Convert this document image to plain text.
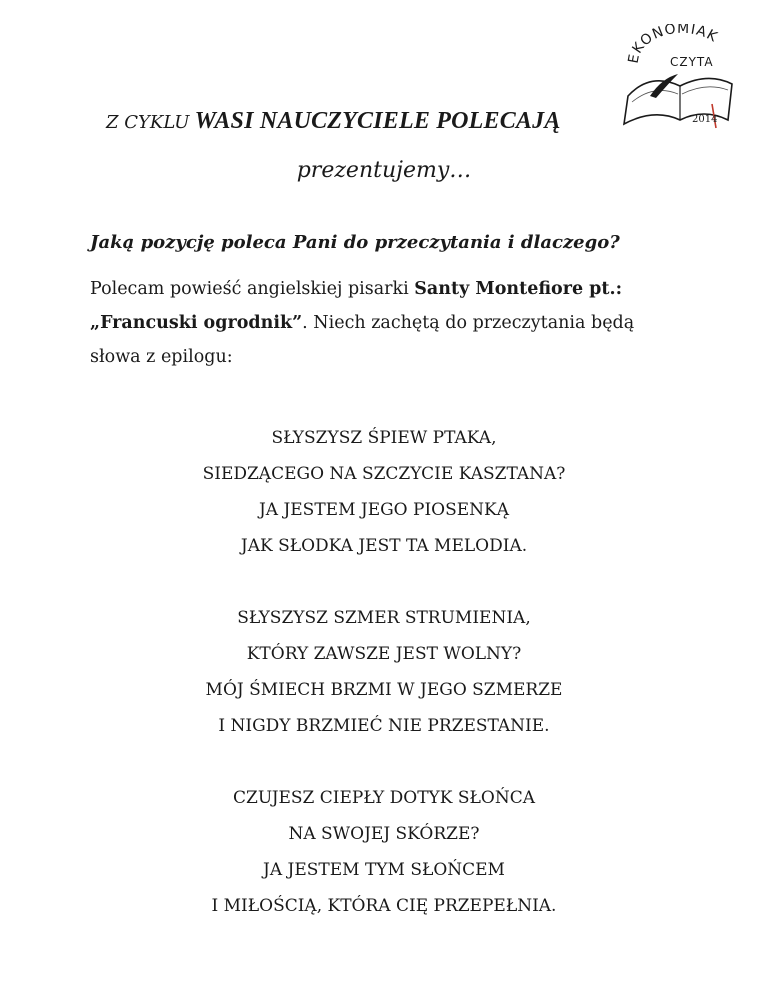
EKONOMIAK
CZYTA
2014
Z CYKLU WASI NAUCZYCIELE POLECAJĄ
prezentujemy…
Jaką pozycję poleca Pani do przeczytania i dlaczego?

Polecam powieść angielskiej pisarki Santy Montefiore pt.:

„Francuski ogrodnik”. Niech zachętą do przeczytania będą

słowa z epilogu:

SŁYSZYSZ ŚPIEW PTAKA,
SIEDZĄCEGO NA SZCZYCIE KASZTANA?
JA JESTEM JEGO PIOSENKĄ
JAK SŁODKA JEST TA MELODIA.
SŁYSZYSZ SZMER STRUMIENIA,
KTÓRY ZAWSZE JEST WOLNY?
MÓJ ŚMIECH BRZMI W JEGO SZMERZE
I NIGDY BRZMIEĆ NIE PRZESTANIE.
CZUJESZ CIEPŁY DOTYK SŁOŃCA
NA SWOJEJ SKÓRZE?
JA JESTEM TYM SŁOŃCEM
I MIŁOŚCIĄ, KTÓRA CIĘ PRZEPEŁNIA.
